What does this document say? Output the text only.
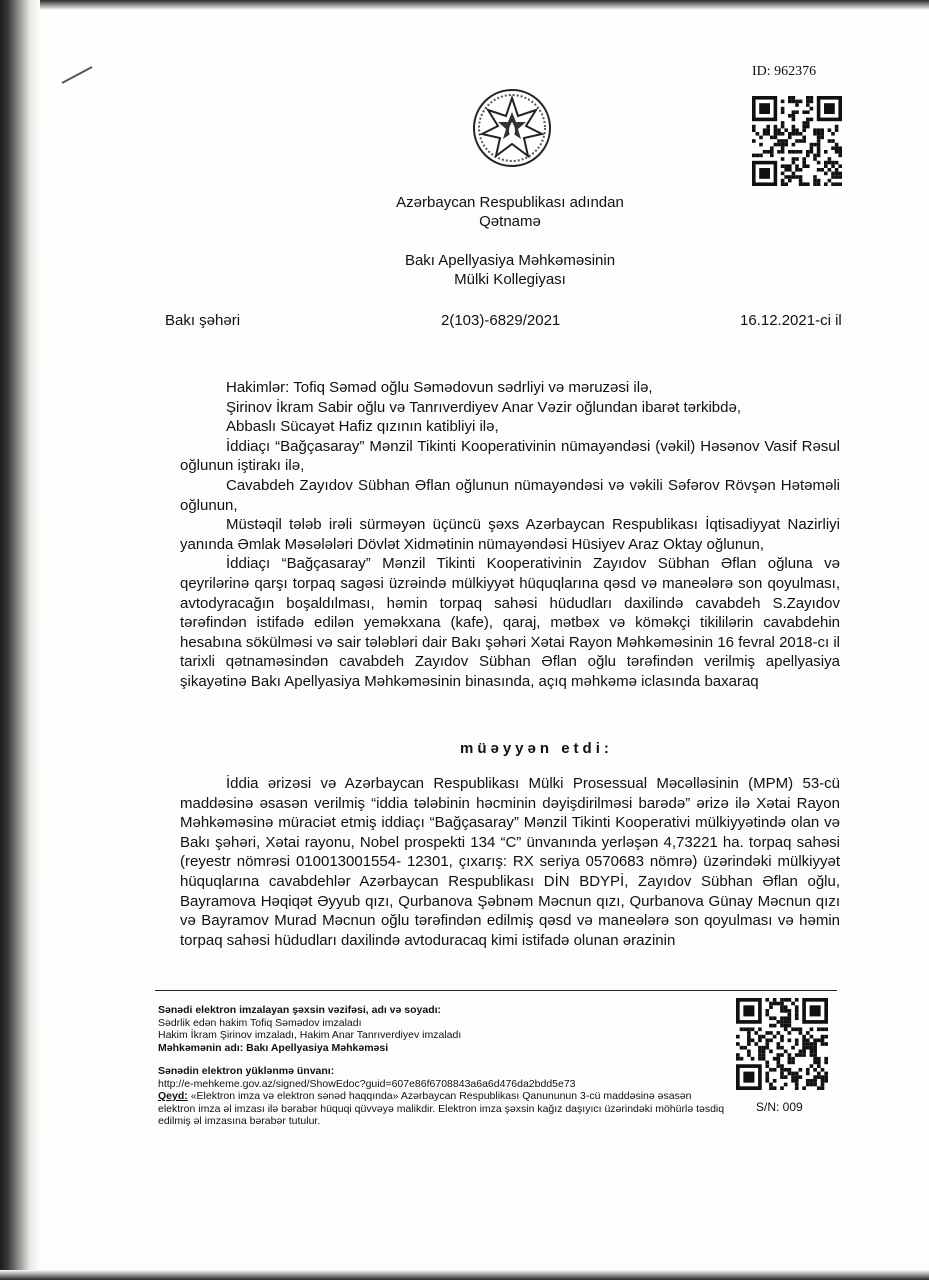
ID: 962376
Azərbaycan Respublikası adından
Qətnamə
Bakı Apellyasiya Məhkəməsinin
Mülki Kollegiyası
Bakı şəhəri	2(103)-6829/2021	16.12.2021-ci il

Hakimlər: Tofiq Səməd oğlu Səmədovun sədrliyi və məruzəsi ilə,

Şirinov İkram Sabir oğlu və Tanrıverdiyev Anar Vəzir oğlundan ibarət tərkibdə,

Abbaslı Sücayət Hafiz qızının katibliyi ilə,

İddiaçı “Bağçasaray” Mənzil Tikinti Kooperativinin nümayəndəsi (vəkil) Həsənov Vasif Rəsul oğlunun iştirakı ilə,

Cavabdeh Zayıdov Sübhan Əflan oğlunun nümayəndəsi və vəkili Səfərov Rövşən Hətəməli oğlunun,

Müstəqil tələb irəli sürməyən üçüncü şəxs Azərbaycan Respublikası İqtisadiyyat Nazirliyi yanında Əmlak Məsələləri Dövlət Xidmətinin nümayəndəsi Hüsiyev Araz Oktay oğlunun,

İddiaçı “Bağçasaray” Mənzil Tikinti Kooperativinin Zayıdov Sübhan Əflan oğluna və qeyrilərinə qarşı torpaq sagəsi üzrəində mülkiyyət hüquqlarına qəsd və maneələrə son qoyulması, avtodyracağın boşaldılması, həmin torpaq sahəsi hüdudları daxilində cavabdeh S.Zayıdov tərəfindən istifadə edilən yeməkxana (kafe), qaraj, mətbəx və köməkçi tikililərin cavabdehin hesabına sökülməsi və sair tələbləri dair Bakı şəhəri Xətai Rayon Məhkəməsinin 16 fevral 2018-cı il tarixli qətnaməsindən cavabdeh Zayıdov Sübhan Əflan oğlu tərəfindən verilmiş apellyasiya şikayətinə Bakı Apellyasiya Məhkəməsinin binasında, açıq məhkəmə iclasında baxaraq

müəyyən etdi:

İddia ərizəsi və Azərbaycan Respublikası Mülki Prosessual Məcəlləsinin (MPM) 53-cü maddəsinə əsasən verilmiş “iddia tələbinin həcminin dəyişdirilməsi barədə” ərizə ilə Xətai Rayon Məhkəməsinə müraciət etmiş iddiaçı “Bağçasaray” Mənzil Tikinti Kooperativi mülkiyyətində olan və Bakı şəhəri, Xətai rayonu, Nobel prospekti 134 “C” ünvanında yerləşən 4,73221 ha. torpaq sahəsi (reyestr nömrəsi 010013001554- 12301, çıxarış: RX seriya 0570683 nömrə) üzərindəki mülkiyyət hüquqlarına cavabdehlər Azərbaycan Respublikası DİN BDYPİ, Zayıdov Sübhan Əflan oğlu, Bayramova Həqiqət Əyyub qızı, Qurbanova Şəbnəm Məcnun qızı, Qurbanova Günay Məcnun qızı və Bayramov Murad Məcnun oğlu tərəfindən edilmiş qəsd və maneələrə son qoyulması və həmin torpaq sahəsi hüdudları daxilində avtoduracaq kimi istifadə olunan ərazinin

Sənədi elektron imzalayan şəxsin vəzifəsi, adı və soyadı:
Sədrlik edən hakim Tofiq Səmədov imzaladı
Hakim İkram Şirinov imzaladı, Hakim Anar Tanrıverdiyev imzaladı
Məhkəmənin adı: Bakı Apellyasiya Məhkəməsi
Sənədin elektron yüklənmə ünvanı:
http://e-mehkeme.gov.az/signed/ShowEdoc?guid=607e86f6708843a6a6d476da2bdd5e73
Qeyd: «Elektron imza və elektron sənəd haqqında» Azərbaycan Respublikası Qanununun 3-cü maddəsinə əsasən elektron imza əl imzası ilə bərabər hüquqi qüvvəyə malikdir. Elektron imza şəxsin kağız daşıyıcı üzərindəki möhürlə təsdiq edilmiş əl imzasına bərabər tutulur.
S/N: 009
